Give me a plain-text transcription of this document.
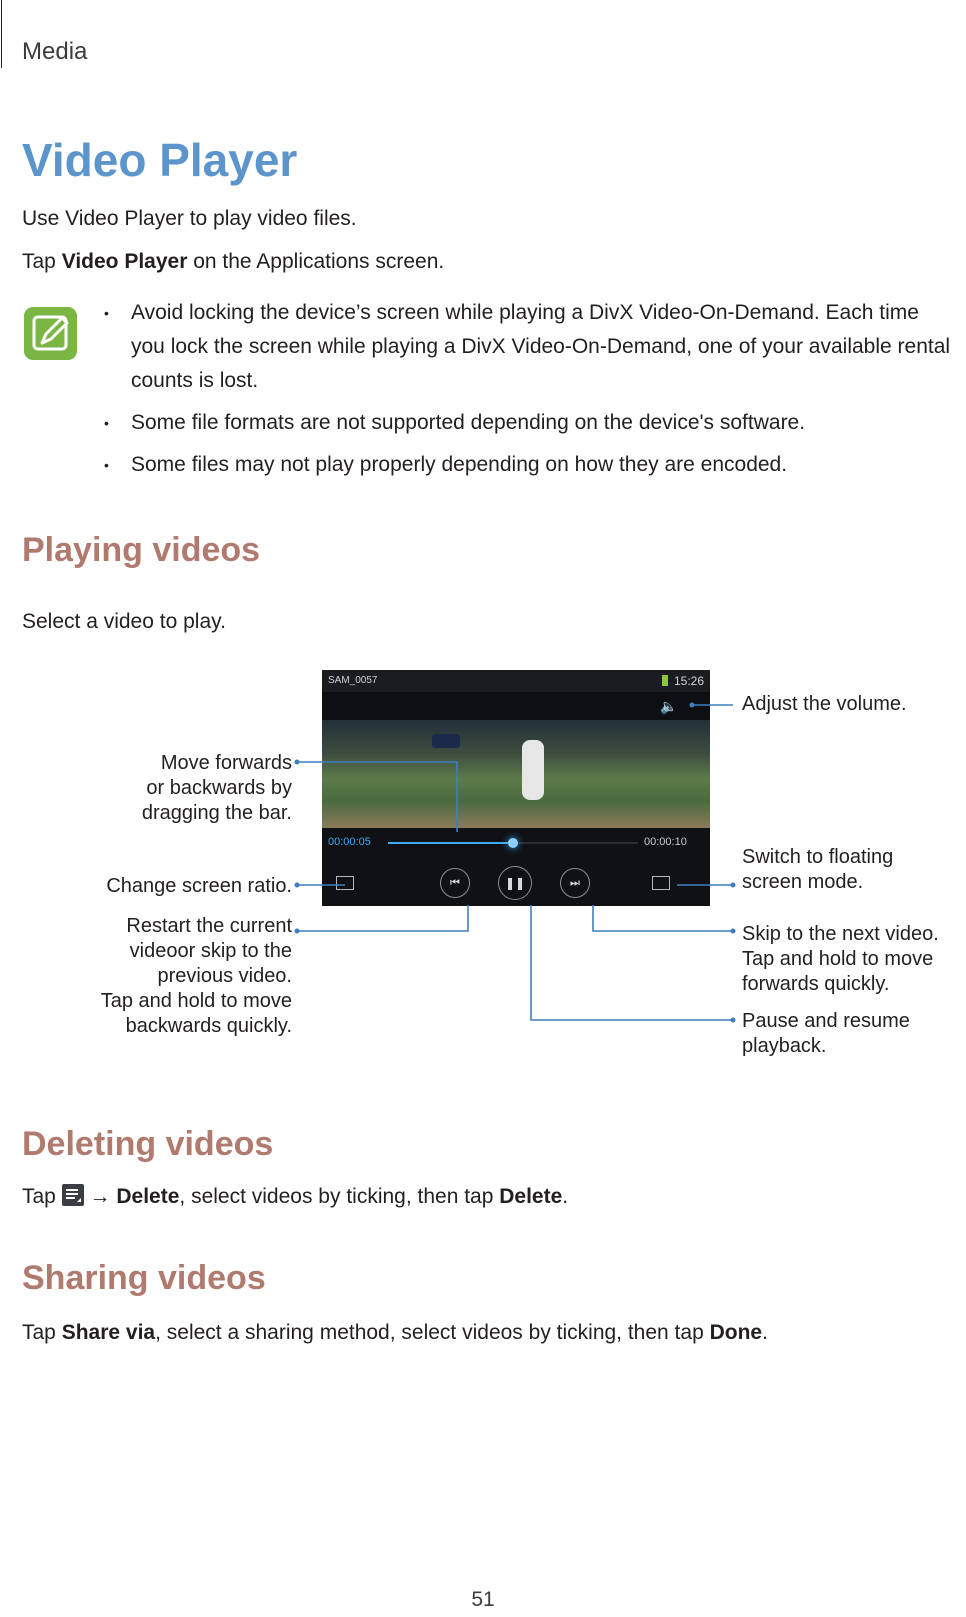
Media
Video Player
Use Video Player to play video files.
Tap Video Player on the Applications screen.
• Avoid locking the device’s screen while playing a DivX Video-On-Demand. Each time you lock the screen while playing a DivX Video-On-Demand, one of your available rental counts is lost.
• Some file formats are not supported depending on the device's software.
• Some files may not play properly depending on how they are encoded.
Playing videos
Select a video to play.
SAM_0057	15:26
00:00:05	00:00:10
⏮	❚❚	⏭
🔈	Adjust the volume.
Move forwards
or backwards by
dragging the bar.
Change screen ratio.
Restart the current
videoor skip to the
previous video.
Tap and hold to move
backwards quickly.
Switch to floating
screen mode.
Skip to the next video.
Tap and hold to move
forwards quickly.
Pause and resume
playback.
Deleting videos
Tap  → Delete, select videos by ticking, then tap Delete.
Sharing videos
Tap Share via, select a sharing method, select videos by ticking, then tap Done.
51
